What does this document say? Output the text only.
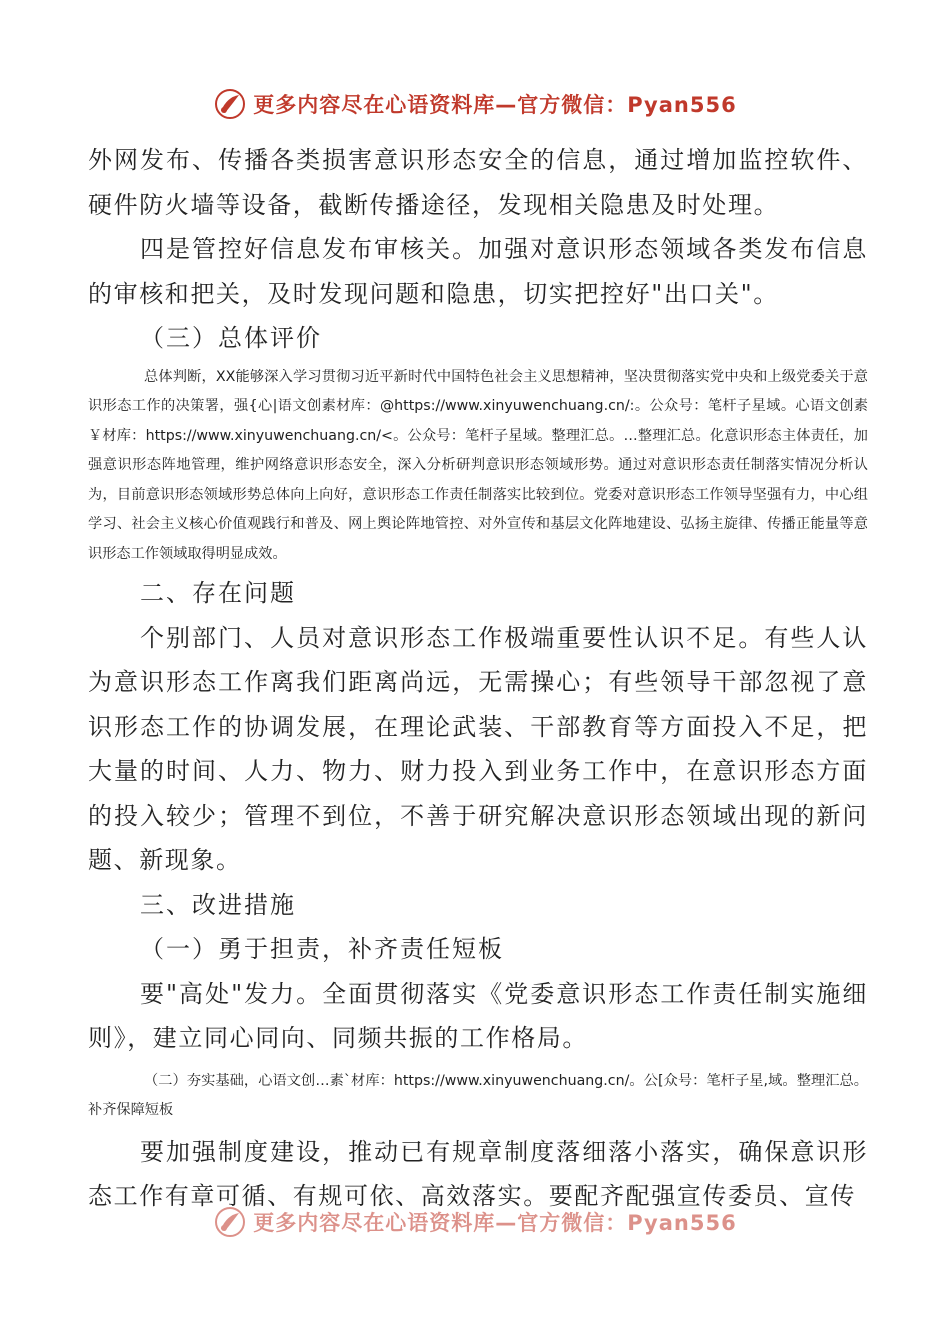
更多内容尽在心语资料库—官方微信：Pyan556

外网发布、传播各类损害意识形态安全的信息，通过增加监控软件、硬件防火墙等设备，截断传播途径，发现相关隐患及时处理。

四是管控好信息发布审核关。加强对意识形态领域各类发布信息的审核和把关，及时发现问题和隐患，切实把控好"出口关"。

（三）总体评价

总体判断，XX能够深入学习贯彻习近平新时代中国特色社会主义思想精神，坚决贯彻落实党中央和上级党委关于意识形态工作的决策署，强{心|语文创素材库：@https://www.xinyuwenchuang.cn/:。公众号：笔杆子星域。心语文创素￥材库：https://www.xinyuwenchuang.cn/<。公众号：笔杆子星域。整理汇总。…整理汇总。化意识形态主体责任，加强意识形态阵地管理，维护网络意识形态安全，深入分析研判意识形态领域形势。通过对意识形态责任制落实情况分析认为，目前意识形态领域形势总体向上向好，意识形态工作责任制落实比较到位。党委对意识形态工作领导坚强有力，中心组学习、社会主义核心价值观践行和普及、网上舆论阵地管控、对外宣传和基层文化阵地建设、弘扬主旋律、传播正能量等意识形态工作领域取得明显成效。

二、存在问题

个别部门、人员对意识形态工作极端重要性认识不足。有些人认为意识形态工作离我们距离尚远，无需操心；有些领导干部忽视了意识形态工作的协调发展，在理论武装、干部教育等方面投入不足，把大量的时间、人力、物力、财力投入到业务工作中，在意识形态方面的投入较少；管理不到位，不善于研究解决意识形态领域出现的新问题、新现象。

三、改进措施

（一）勇于担责，补齐责任短板

要"高处"发力。全面贯彻落实《党委意识形态工作责任制实施细则》，建立同心同向、同频共振的工作格局。

（二）夯实基础，心语文创…素`材库：https://www.xinyuwenchuang.cn/。公[众号：笔杆子星,域。整理汇总。补齐保障短板

要加强制度建设，推动已有规章制度落细落小落实，确保意识形态工作有章可循、有规可依、高效落实。要配齐配强宣传委员、宣传

更多内容尽在心语资料库—官方微信：Pyan556
